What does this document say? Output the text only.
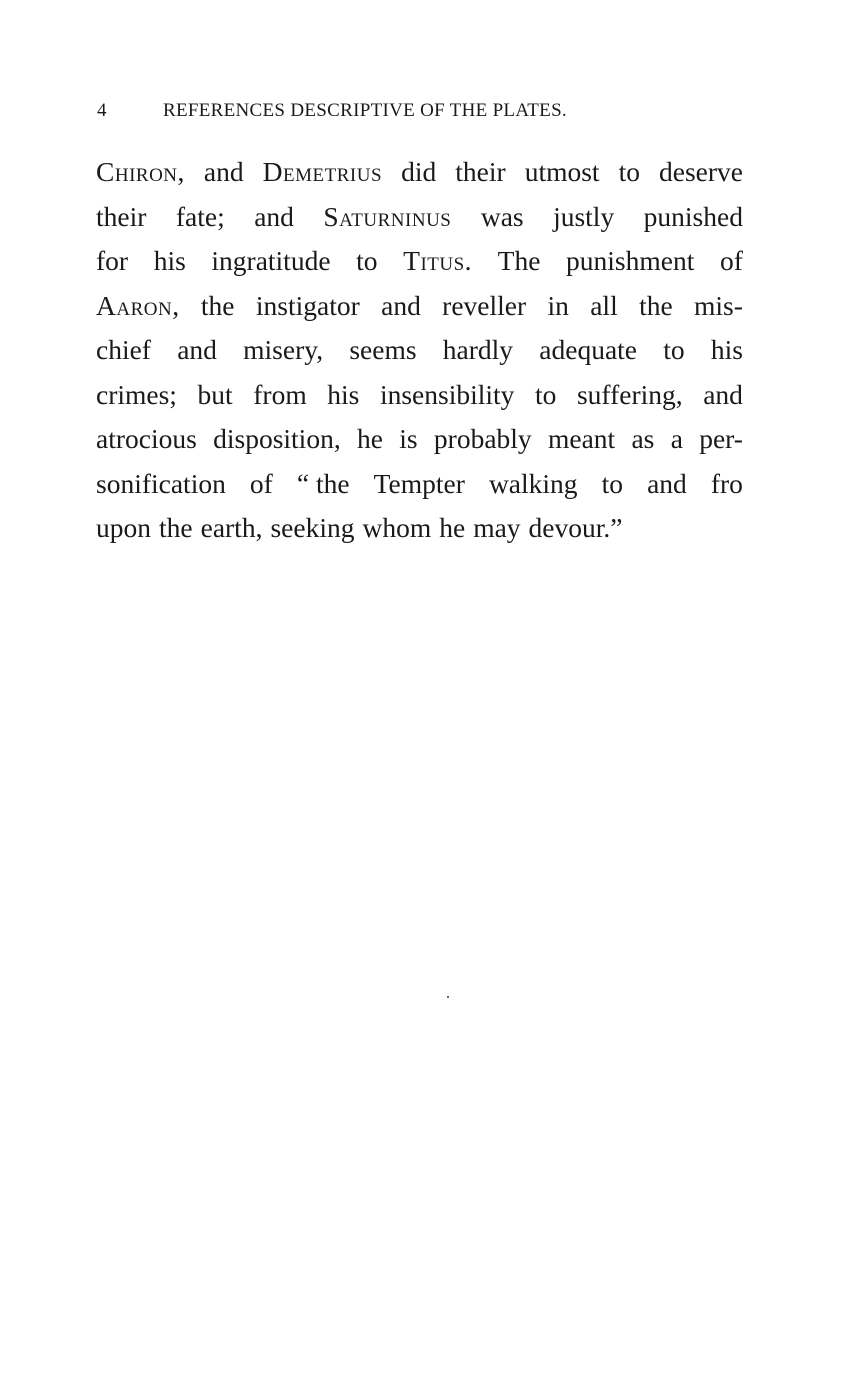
4	REFERENCES DESCRIPTIVE OF THE PLATES.
Chiron, and Demetrius did their utmost to deserve
their fate; and Saturninus was justly punished
for his ingratitude to Titus. The punishment of
Aaron, the instigator and reveller in all the mis-
chief and misery, seems hardly adequate to his
crimes; but from his insensibility to suffering, and
atrocious disposition, he is probably meant as a per-
sonification of “ the Tempter walking to and fro
upon the earth, seeking whom he may devour.”
